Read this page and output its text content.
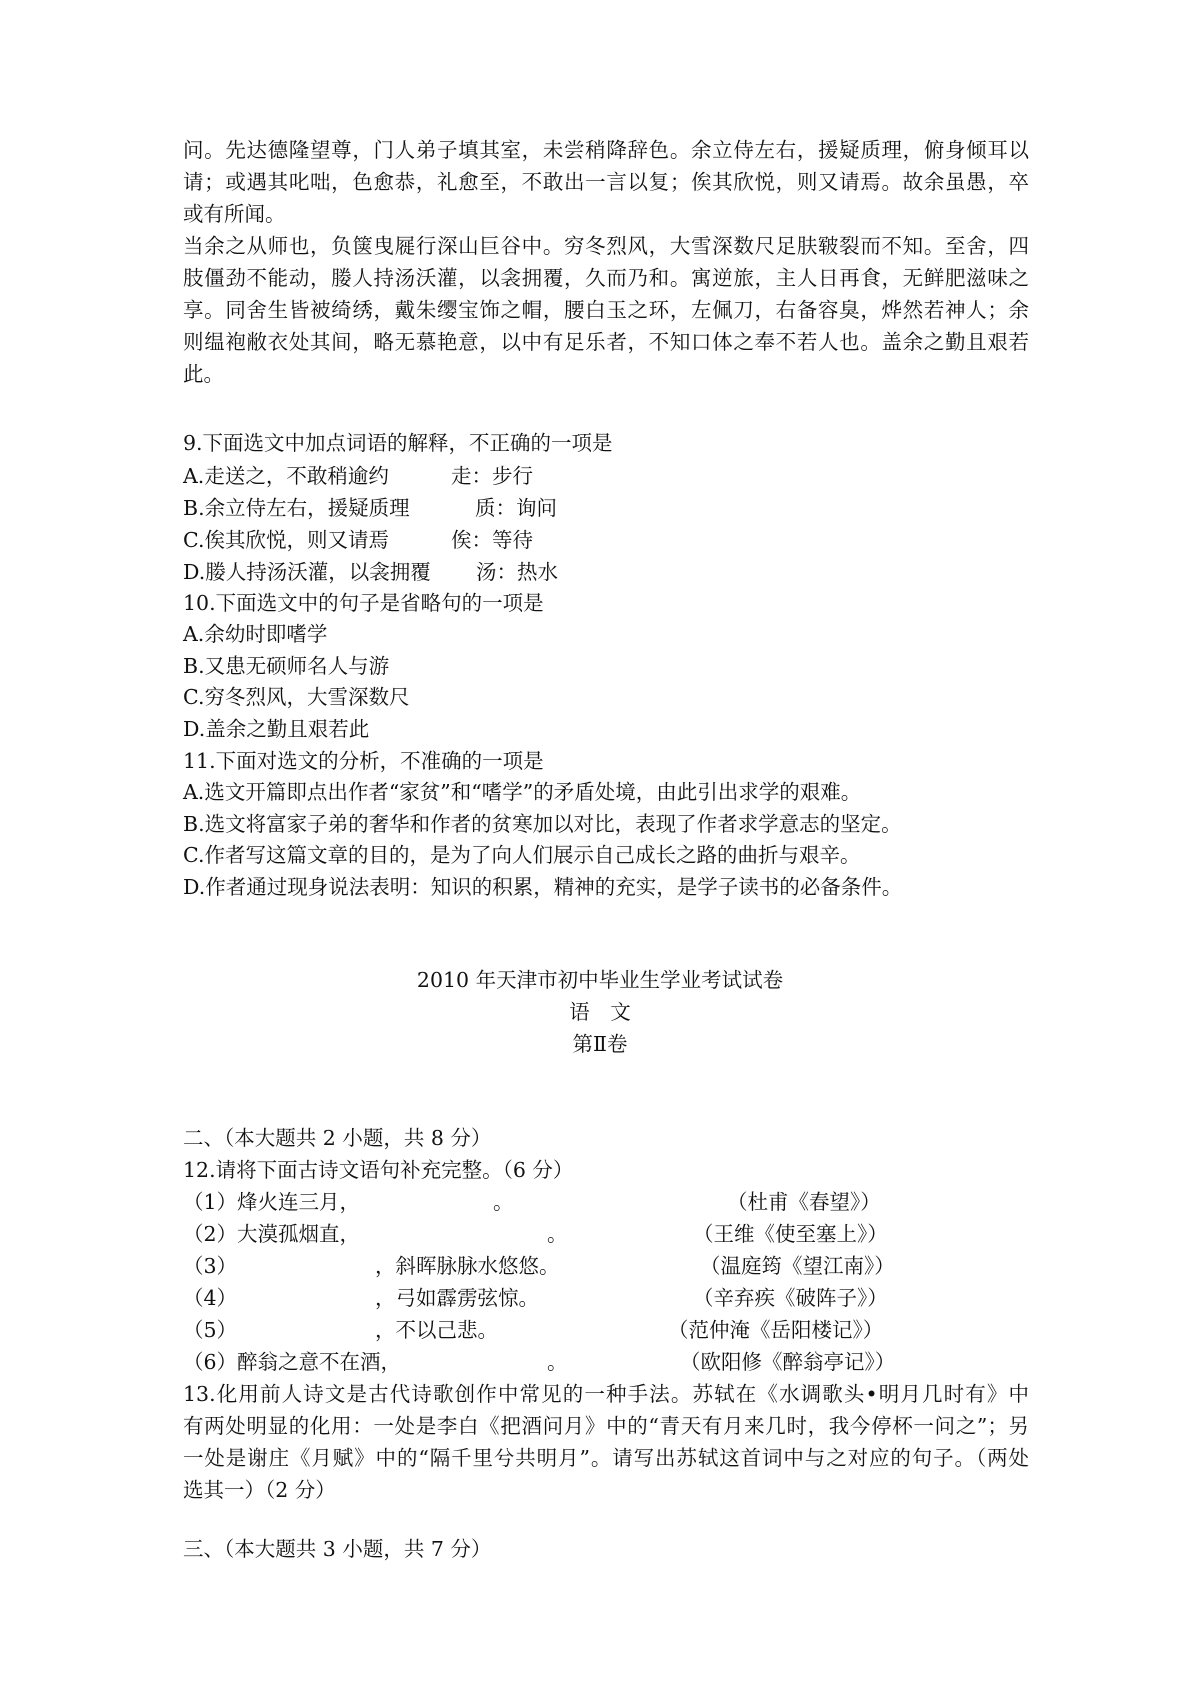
问。先达德隆望尊，门人弟子填其室，未尝稍降辞色。余立侍左右，援疑质理，俯身倾耳以
请；或遇其叱咄，色愈恭，礼愈至，不敢出一言以复；俟其欣悦，则又请焉。故余虽愚，卒
或有所闻。
当余之从师也，负箧曳屣行深山巨谷中。穷冬烈风，大雪深数尺足肤皲裂而不知。至舍，四
肢僵劲不能动，媵人持汤沃灌，以衾拥覆，久而乃和。寓逆旅，主人日再食，无鲜肥滋味之
享。同舍生皆被绮绣，戴朱缨宝饰之帽，腰白玉之环，左佩刀，右备容臭，烨然若神人；余
则缊袍敝衣处其间，略无慕艳意，以中有足乐者，不知口体之奉不若人也。盖余之勤且艰若
此。
9.下面选文中加点词语的解释，不正确的一项是
A.走送之，不敢稍逾约	走：步行
B.余立侍左右，援疑质理	质：询问
C.俟其欣悦，则又请焉	俟：等待
D.媵人持汤沃灌，以衾拥覆 汤：热水
10.下面选文中的句子是省略句的一项是
A.余幼时即嗜学
B.又患无硕师名人与游
C.穷冬烈风，大雪深数尺
D.盖余之勤且艰若此
11.下面对选文的分析，不准确的一项是
A.选文开篇即点出作者“家贫”和“嗜学”的矛盾处境，由此引出求学的艰难。
B.选文将富家子弟的奢华和作者的贫寒加以对比，表现了作者求学意志的坚定。
C.作者写这篇文章的目的，是为了向人们展示自己成长之路的曲折与艰辛。
D.作者通过现身说法表明：知识的积累，精神的充实，是学子读书的必备条件。
2010 年天津市初中毕业生学业考试试卷
语　文
第Ⅱ卷
二、（本大题共 2 小题，共 8 分）
12.请将下面古诗文语句补充完整。（6 分）
（1）烽火连三月，	。	（杜甫《春望》）
（2）大漠孤烟直，	。	（王维《使至塞上》）
（3）	，斜晖脉脉水悠悠。	（温庭筠《望江南》）
（4）	，弓如霹雳弦惊。	（辛弃疾《破阵子》）
（5）	，不以己悲。	（范仲淹《岳阳楼记》）
（6）醉翁之意不在酒，	。	（欧阳修《醉翁亭记》）
13.化用前人诗文是古代诗歌创作中常见的一种手法。苏轼在《水调歌头•明月几时有》中
有两处明显的化用：一处是李白《把酒问月》中的“青天有月来几时，我今停杯一问之”；另
一处是谢庄《月赋》中的“隔千里兮共明月”。请写出苏轼这首词中与之对应的句子。（两处
选其一）（2 分）
三、（本大题共 3 小题，共 7 分）
